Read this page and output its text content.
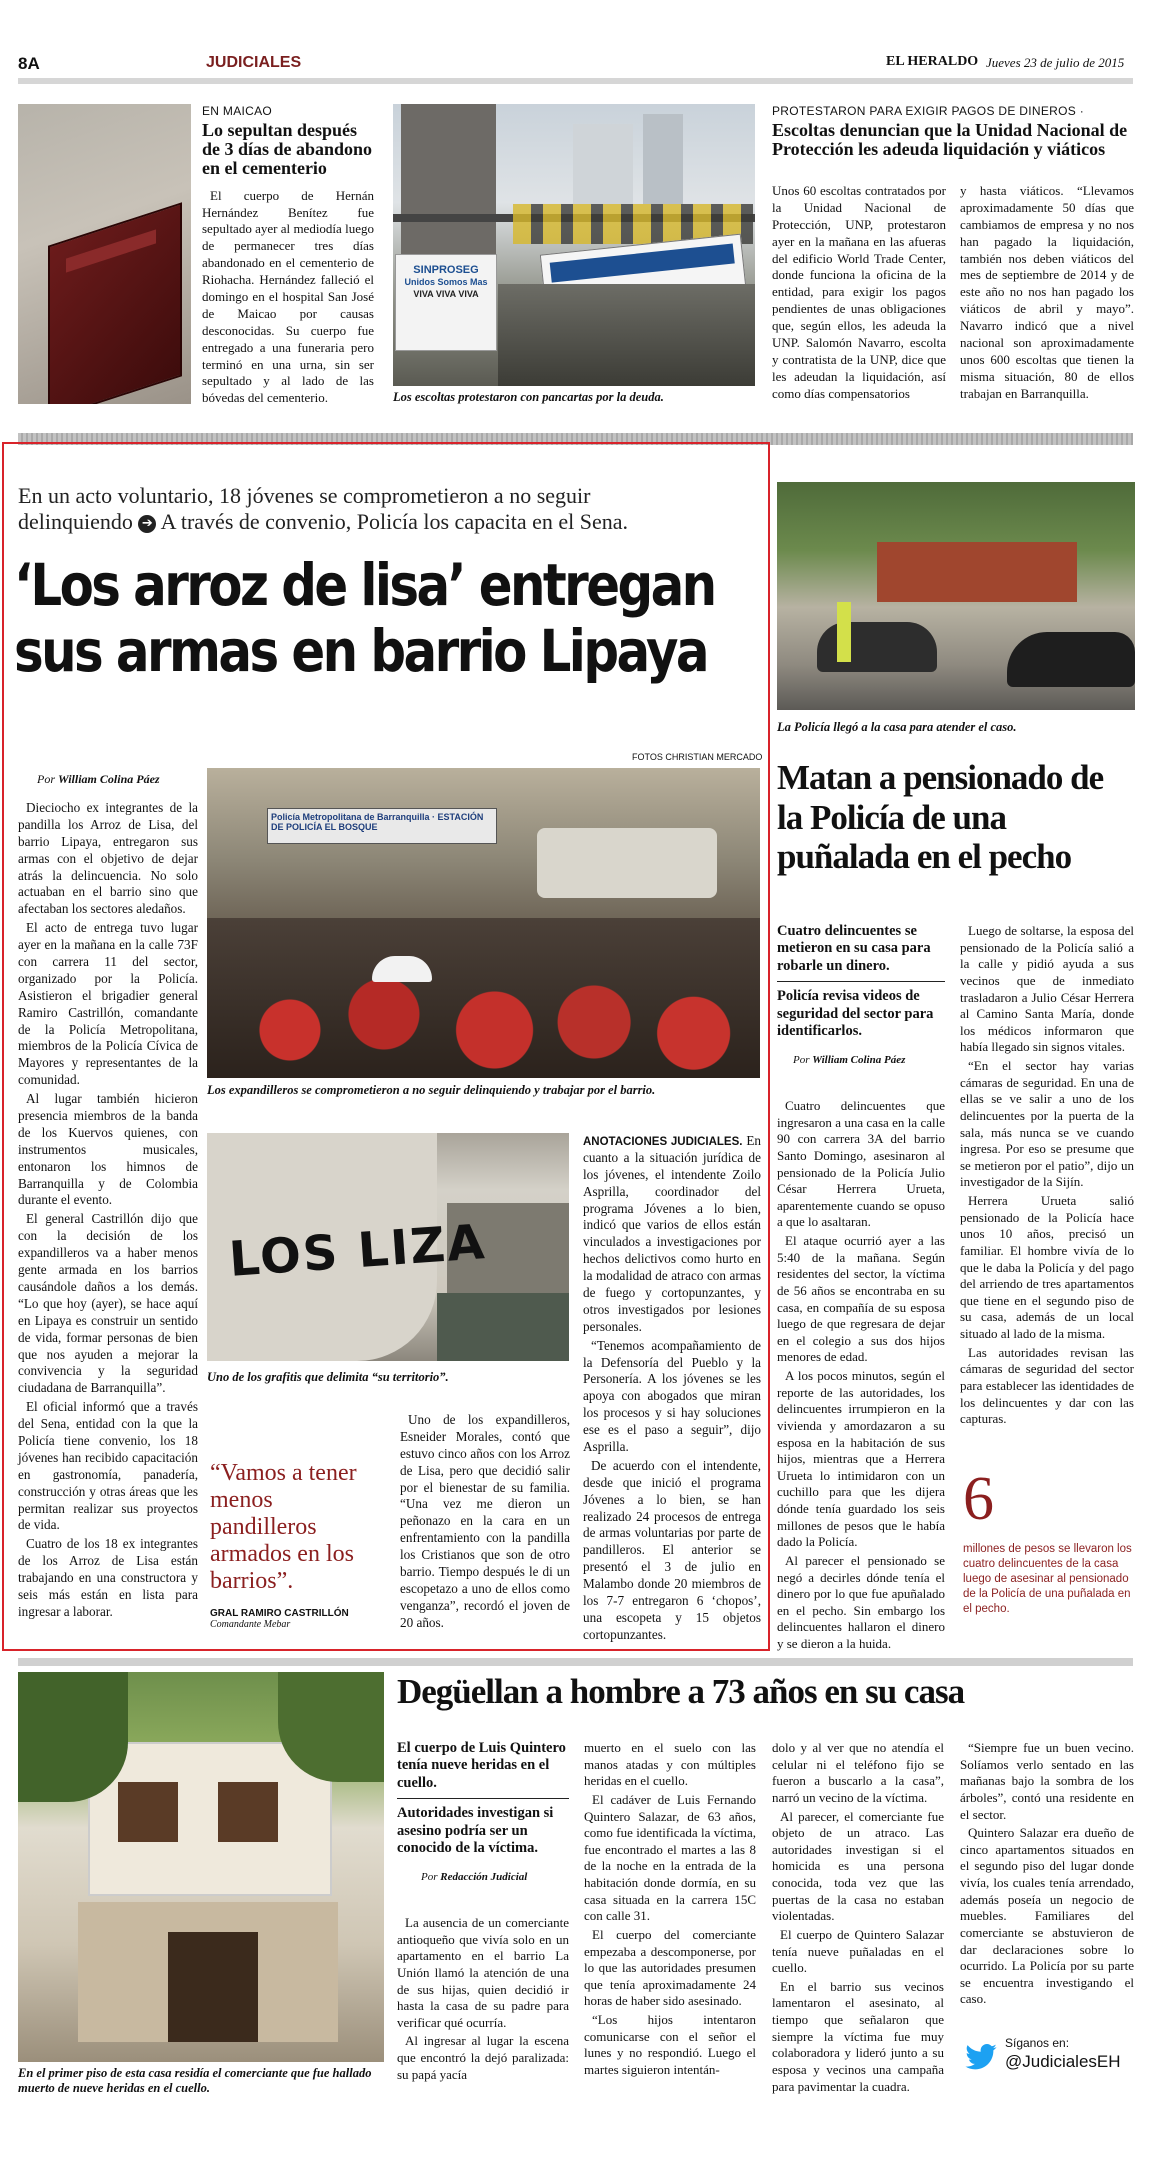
8A	JUDICIALES	EL HERALDO Jueves 23 de julio de 2015
EN MAICAO
Lo sepultan después de 3 días de abandono en el cementerio
El cuerpo de Hernán Hernández Benítez fue sepultado ayer al mediodía luego de permanecer tres días abandonado en el cementerio de Riohacha. Hernández falleció el domingo en el hospital San José de Maicao por causas desconocidas. Su cuerpo fue entregado a una funeraria pero terminó en una urna, sin ser sepultado y al lado de las bóvedas del cementerio.
SINPROSEG
Unidos Somos Mas
VIVA VIVA VIVA
Los escoltas protestaron con pancartas por la deuda.
PROTESTARON PARA EXIGIR PAGOS DE DINEROS ·
Escoltas denuncian que la Unidad Nacional de Protección les adeuda liquidación y viáticos
Unos 60 escoltas contratados por la Unidad Nacional de Protección, UNP, protestaron ayer en la mañana en las afueras del edificio World Trade Center, donde funciona la oficina de la entidad, para exigir los pagos pendientes de unas obligaciones que, según ellos, les adeuda la UNP. Salomón Navarro, escolta y contratista de la UNP, dice que les adeudan la liquidación, así como días compensatorios
y hasta viáticos. “Llevamos aproximadamente 50 días que cambiamos de empresa y no nos han pagado la liquidación, también nos deben viáticos del mes de septiembre de 2014 y de este año no nos han pagado los viáticos de abril y mayo”. Navarro indicó que a nivel nacional son aproximadamente unos 600 escoltas que tienen la misma situación, 80 de ellos trabajan en Barranquilla.
En un acto voluntario, 18 jóvenes se comprometieron a no seguir
delinquiendo ➔ A través de convenio, Policía los capacita en el Sena.
‘Los arroz de lisa’ entregan
sus armas en barrio Lipaya
FOTOS CHRISTIAN MERCADO
Por William Colina Páez

Dieciocho ex integrantes de la pandilla los Arroz de Lisa, del barrio Lipaya, entregaron sus armas con el objetivo de dejar atrás la delincuencia. No solo actuaban en el barrio sino que afectaban los sectores aledaños.

El acto de entrega tuvo lugar ayer en la mañana en la calle 73F con carrera 11 del sector, organizado por la Policía. Asistieron el brigadier general Ramiro Castrillón, comandante de la Policía Metropolitana, miembros de la Policía Cívica de Mayores y representantes de la comunidad.

Al lugar también hicieron presencia miembros de la banda de los Kuervos quienes, con instrumentos musicales, entonaron los himnos de Barranquilla y de Colombia durante el evento.

El general Castrillón dijo que con la decisión de los expandilleros va a haber menos gente armada en los barrios causándole daños a los demás. “Lo que hoy (ayer), se hace aquí en Lipaya es construir un sentido de vida, formar personas de bien que nos ayuden a mejorar la convivencia y la seguridad ciudadana de Barranquilla”.

El oficial informó que a través del Sena, entidad con la que la Policía tiene convenio, los 18 jóvenes han recibido capacitación en gastronomía, panadería, construcción y otras áreas que les permitan realizar sus proyectos de vida.

Cuatro de los 18 ex integrantes de los Arroz de Lisa están trabajando en una constructora y seis más están en lista para ingresar a laborar.

Policía Metropolitana de Barranquilla · ESTACIÓN DE POLICÍA EL BOSQUE
Los expandilleros se comprometieron a no seguir delinquiendo y trabajar por el barrio.
LOS LIZA
Uno de los grafitis que delimita “su territorio”.

ANOTACIONES JUDICIALES. En cuanto a la situación jurídica de los jóvenes, el intendente Zoilo Asprilla, coordinador del programa Jóvenes a lo bien, indicó que varios de ellos están vinculados a investigaciones por hechos delictivos como hurto en la modalidad de atraco con armas de fuego y cortopunzantes, y otros investigados por lesiones personales.

“Tenemos acompañamiento de la Defensoría del Pueblo y la Personería. A los jóvenes se les apoya con abogados que miran los procesos y si hay soluciones ese es el paso a seguir”, dijo Asprilla.

De acuerdo con el intendente, desde que inició el programa Jóvenes a lo bien, se han realizado 24 procesos de entrega de armas voluntarias por parte de pandilleros. El anterior se presentó el 3 de julio en Malambo donde 20 miembros de los 7-7 entregaron 6 ‘chopos’, una escopeta y 15 objetos cortopunzantes.

“Vamos a tener menos pandilleros armados en los barrios”.
GRAL RAMIRO CASTRILLÓN
Comandante Mebar

Uno de los expandilleros, Esneider Morales, contó que estuvo cinco años con los Arroz de Lisa, pero que decidió salir por el bienestar de su familia. “Una vez me dieron un peñonazo en la cara en un enfrentamiento con la pandilla los Cristianos que son de otro barrio. Tiempo después le di un escopetazo a uno de ellos como venganza”, recordó el joven de 20 años.

La Policía llegó a la casa para atender el caso.
Matan a pensionado de la Policía de una puñalada en el pecho
Cuatro delincuentes se metieron en su casa para robarle un dinero.
Policía revisa videos de seguridad del sector para identificarlos.
Por William Colina Páez

Cuatro delincuentes que ingresaron a una casa en la calle 90 con carrera 3A del barrio Santo Domingo, asesinaron al pensionado de la Policía Julio César Herrera Urueta, aparentemente cuando se opuso a que lo asaltaran.

El ataque ocurrió ayer a las 5:40 de la mañana. Según residentes del sector, la víctima de 56 años se encontraba en su casa, en compañía de su esposa luego de que regresara de dejar en el colegio a sus dos hijos menores de edad.

A los pocos minutos, según el reporte de las autoridades, los delincuentes irrumpieron en la vivienda y amordazaron a su esposa en la habitación de sus hijos, mientras que a Herrera Urueta lo intimidaron con un cuchillo para que les dijera dónde tenía guardado los seis millones de pesos que le había dado la Policía.

Al parecer el pensionado se negó a decirles dónde tenía el dinero por lo que fue apuñalado en el pecho. Sin embargo los delincuentes hallaron el dinero y se dieron a la huida.

Luego de soltarse, la esposa del pensionado de la Policía salió a la calle y pidió ayuda a sus vecinos que de inmediato trasladaron a Julio César Herrera al Camino Santa María, donde los médicos informaron que había llegado sin signos vitales.

“En el sector hay varias cámaras de seguridad. En una de ellas se ve salir a uno de los delincuentes por la puerta de la sala, más nunca se ve cuando ingresa. Por eso se presume que se metieron por el patio”, dijo un investigador de la Sijín.

Herrera Urueta salió pensionado de la Policía hace unos 10 años, precisó un familiar. El hombre vivía de lo que le daba la Policía y del pago del arriendo de tres apartamentos que tiene en el segundo piso de su casa, además de un local situado al lado de la misma.

Las autoridades revisan las cámaras de seguridad del sector para establecer las identidades de los delincuentes y dar con las capturas.

6
millones de pesos se llevaron los cuatro delincuentes de la casa luego de asesinar al pensionado de la Policía de una puñalada en el pecho.
Degüellan a hombre a 73 años en su casa
En el primer piso de esta casa residía el comerciante que fue hallado muerto de nueve heridas en el cuello.
El cuerpo de Luis Quintero tenía nueve heridas en el cuello.
Autoridades investigan si asesino podría ser un conocido de la víctima.
Por Redacción Judicial

La ausencia de un comerciante antioqueño que vivía solo en un apartamento en el barrio La Unión llamó la atención de una de sus hijas, quien decidió ir hasta la casa de su padre para verificar qué ocurría.

Al ingresar al lugar la escena que encontró la dejó paralizada: su papá yacía

muerto en el suelo con las manos atadas y con múltiples heridas en el cuello.

El cadáver de Luis Fernando Quintero Salazar, de 63 años, como fue identificada la víctima, fue encontrado el martes a las 8 de la noche en la entrada de la habitación donde dormía, en su casa situada en la carrera 15C con calle 31.

El cuerpo del comerciante empezaba a descomponerse, por lo que las autoridades presumen que tenía aproximadamente 24 horas de haber sido asesinado.

“Los hijos intentaron comunicarse con el señor el lunes y no respondió. Luego el martes siguieron intentán-

dolo y al ver que no atendía el celular ni el teléfono fijo se fueron a buscarlo a la casa”, narró un vecino de la víctima.

Al parecer, el comerciante fue objeto de un atraco. Las autoridades investigan si el homicida es una persona conocida, toda vez que las puertas de la casa no estaban violentadas.

El cuerpo de Quintero Salazar tenía nueve puñaladas en el cuello.

En el barrio sus vecinos lamentaron el asesinato, al tiempo que señalaron que siempre la víctima fue muy colaboradora y lideró junto a su esposa y vecinos una campaña para pavimentar la cuadra.

“Siempre fue un buen vecino. Solíamos verlo sentado en las mañanas bajo la sombra de los árboles”, contó una residente en el sector.

Quintero Salazar era dueño de cinco apartamentos situados en el segundo piso del lugar donde vivía, los cuales tenía arrendado, además poseía un negocio de muebles. Familiares del comerciante se abstuvieron de dar declaraciones sobre lo ocurrido. La Policía por su parte se encuentra investigando el caso.

Síganos en:
@JudicialesEH
